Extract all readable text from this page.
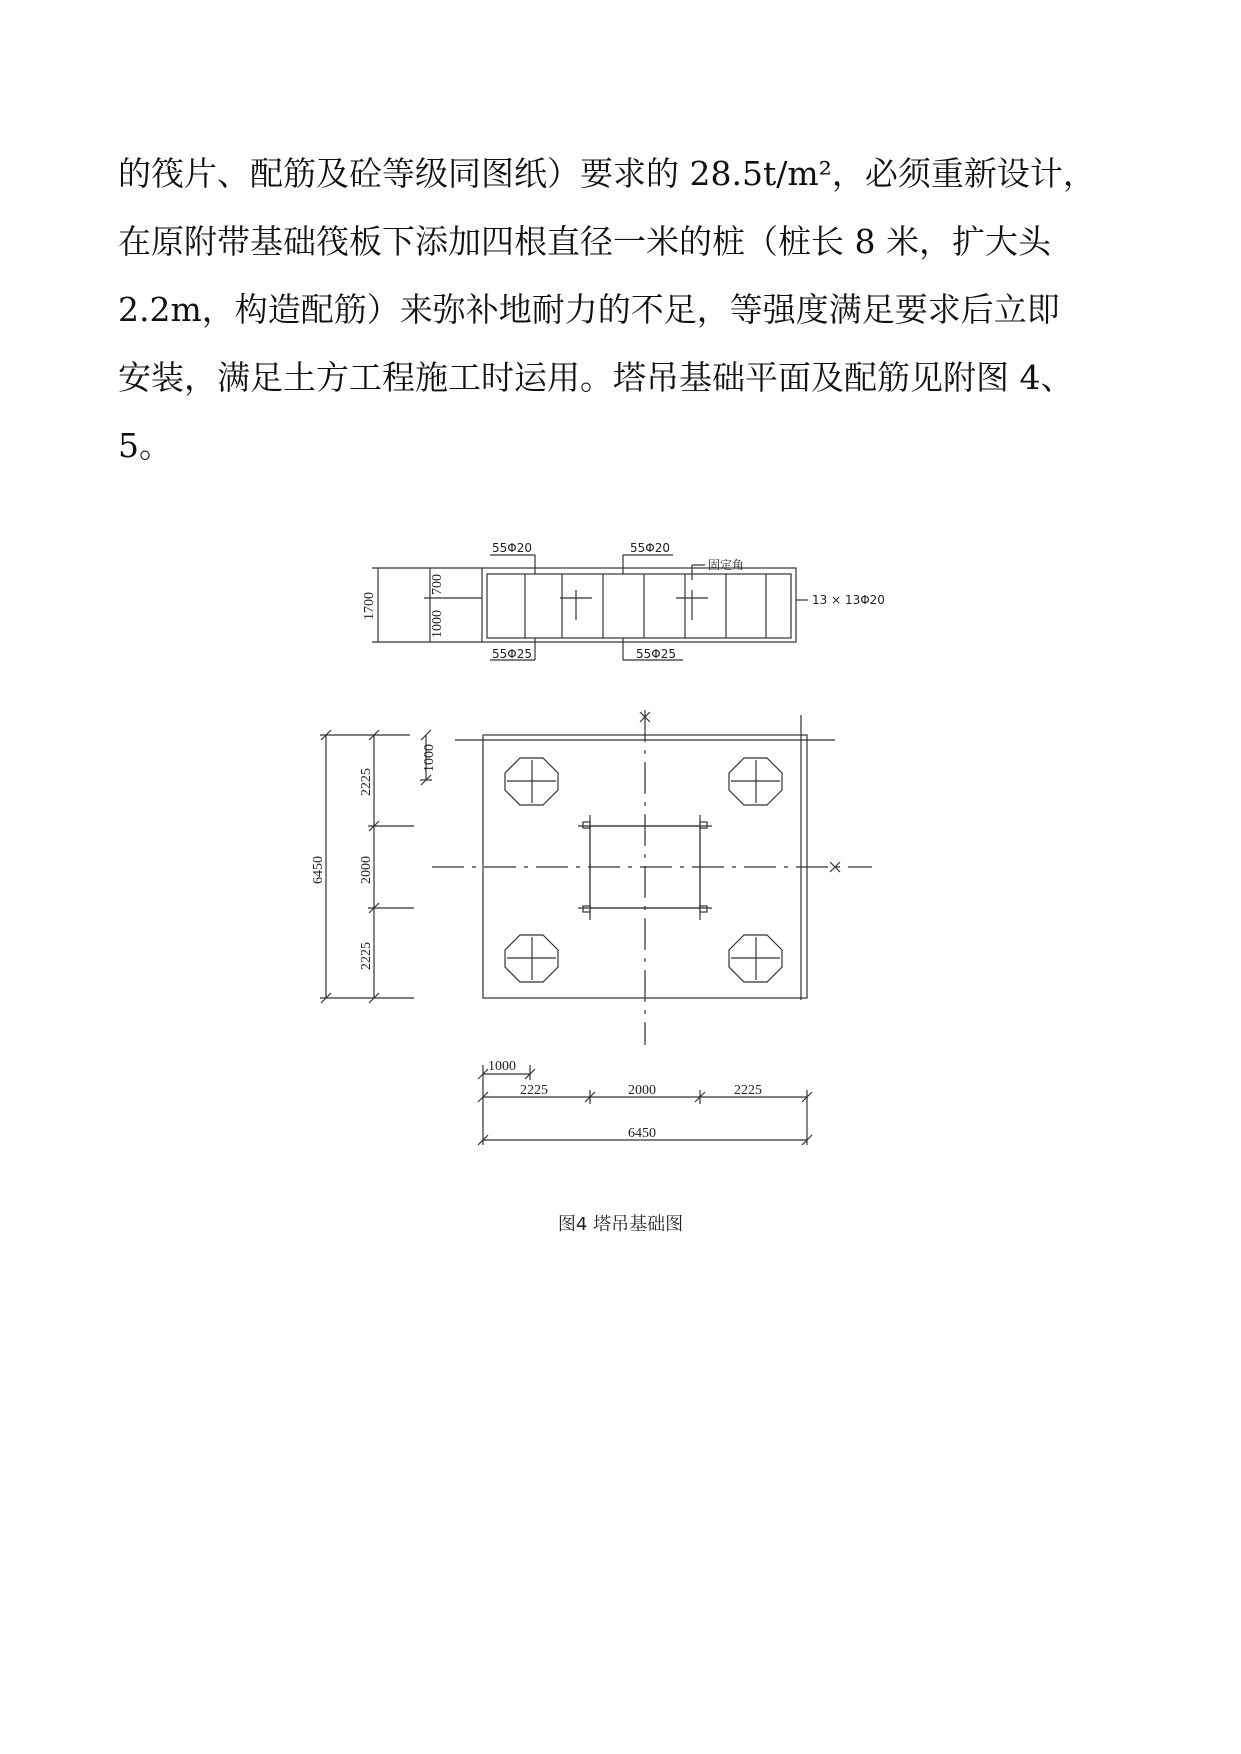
的筏片、配筋及砼等级同图纸）要求的 28.5t/m²，必须重新设计，
在原附带基础筏板下添加四根直径一米的桩（桩长 8 米，扩大头
2.2m，构造配筋）来弥补地耐力的不足，等强度满足要求后立即
安装，满足土方工程施工时运用。塔吊基础平面及配筋见附图 4、
5。
55Φ20	55Φ20
固定角
13 × 13Φ20
55Φ25	55Φ25
1700
700
1000
6450
2225
2000
2225
1000
1000
2225	2000	2225
6450
图4 塔吊基础图
